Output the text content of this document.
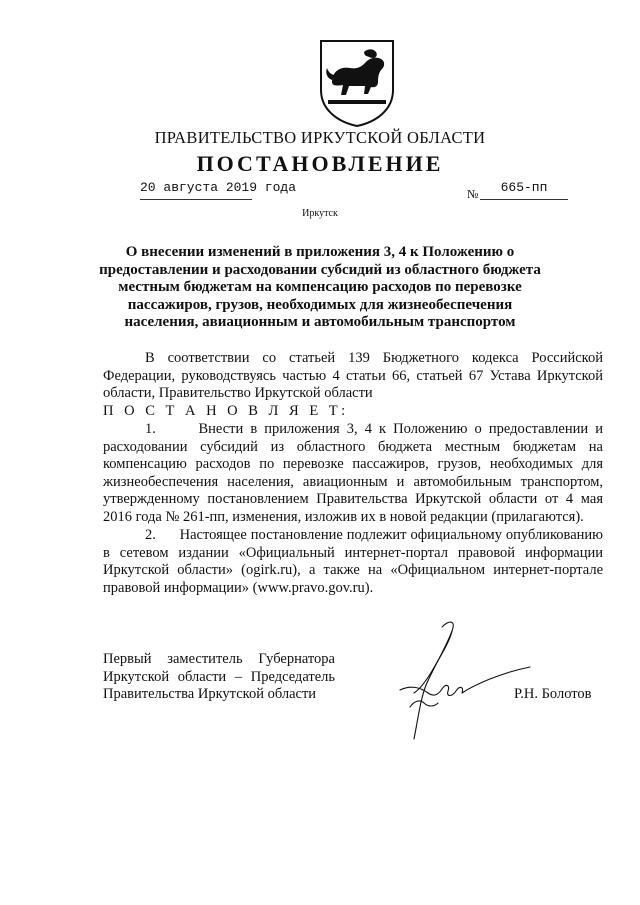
ПРАВИТЕЛЬСТВО ИРКУТСКОЙ ОБЛАСТИ
ПОСТАНОВЛЕНИЕ
20 августа 2019 года	№	665-пп
Иркутск
О внесении изменений в приложения 3, 4 к Положению о предоставлении и расходовании субсидий из областного бюджета местным бюджетам на компенсацию расходов по перевозке пассажиров, грузов, необходимых для жизнеобеспечения населения, авиационным и автомобильным транспортом
В соответствии со статьей 139 Бюджетного кодекса Российской Федерации, руководствуясь частью 4 статьи 66, статьей 67 Устава Иркутской области, Правительство Иркутской области
П О С Т А Н О В Л Я Е Т:
1.      Внести в приложения 3, 4 к Положению о предоставлении и расходовании субсидий из областного бюджета местным бюджетам на компенсацию расходов по перевозке пассажиров, грузов, необходимых для жизнеобеспечения населения, авиационным и автомобильным транспортом, утвержденному постановлением Правительства Иркутской области от 4 мая 2016 года № 261-пп, изменения, изложив их в новой редакции (прилагаются).
2.      Настоящее постановление подлежит официальному опубликованию в сетевом издании «Официальный интернет-портал правовой информации Иркутской области» (ogirk.ru), а также на «Официальном интернет-портале правовой информации» (www.pravo.gov.ru).
Первый заместитель Губернатора
Иркутской области – Председатель
Правительства Иркутской области	Р.Н. Болотов
